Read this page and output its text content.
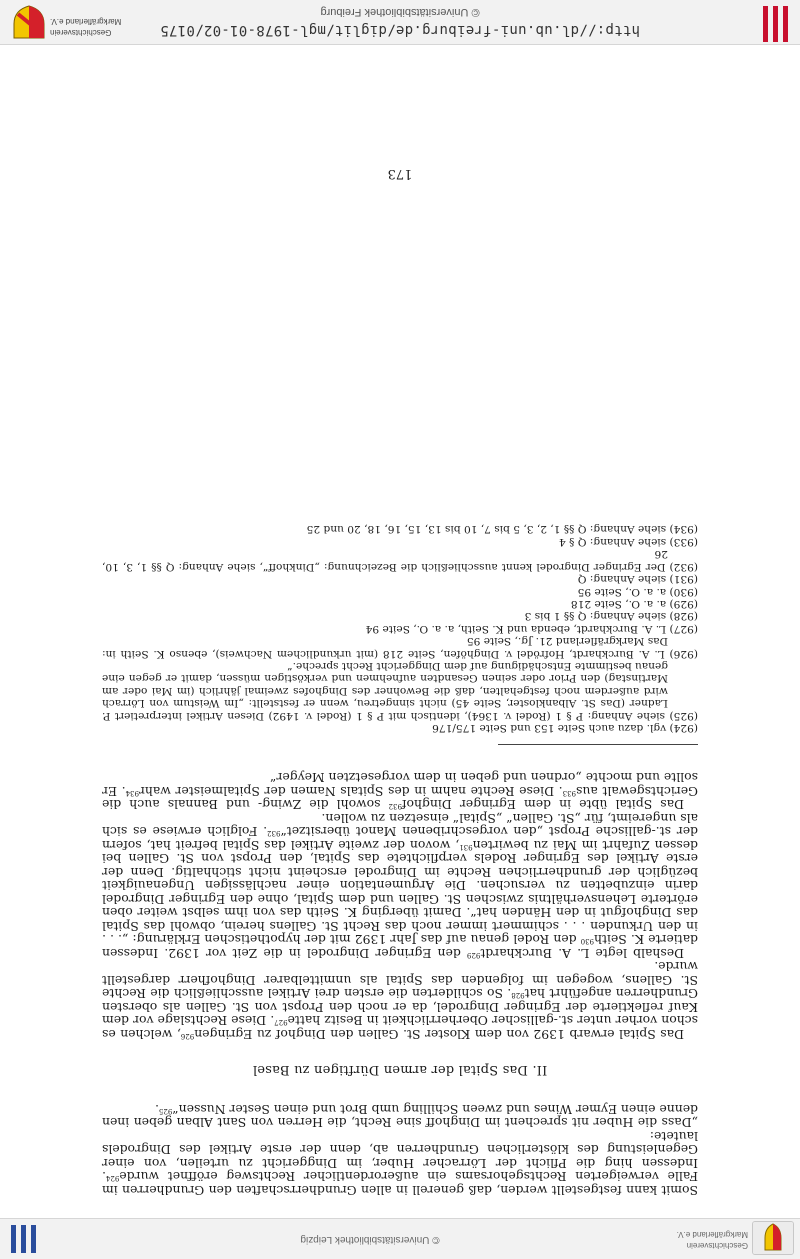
Geschichtsverein
Markgräflerland e.V.
© Universitätsbibliothek Leipzig

Somit kann festgestellt werden, daß generell in allen Grundherrschaften den Grundherren im Falle verweigerten Rechtsgehorsams ein außerordentlicher Rechtsweg eröffnet wurde$^{924}$. Indessen hing die Pflicht der Lörracher Huber, im Dinggericht zu urteilen, von einer Gegenleistung des klösterlichen Grundherren ab, denn der erste Artikel des Dingrodels lautete:

„Dass die Huber nit sprechent im Dinghoff sine Recht, die Herren von Sant Alban geben inen denne einen Eymer Wines und zween Schilling umb Brot und einen Sester Nussen“$^{925}$.

II. Das Spital der armen Dürftigen zu Basel

Das Spital erwarb 1392 von dem Kloster St. Gallen den Dinghof zu Egringen$^{926}$, welchen es schon vorher unter st.-gallischer Oberherrlichkeit in Besitz hatte$^{927}$. Diese Rechtslage vor dem Kauf reflektierte der Egringer Dingrodel, da er noch den Propst von St. Gallen als obersten Grundherren angeführt hat$^{928}$. So schilderten die ersten drei Artikel ausschließlich die Rechte St. Gallens, wogegen im folgenden das Spital als unmittelbarer Dinghofherr dargestellt wurde.

Deshalb legte L. A. Burckhardt$^{929}$ den Egringer Dingrodel in die Zeit vor 1392. Indessen datierte K. Seith$^{930}$ den Rodel genau auf das Jahr 1392 mit der hypothetischen Erklärung: „. . . in den Urkunden . . . schimmert immer noch das Recht St. Gallens herein, obwohl das Spital das Dinghofgut in den Händen hat“. Damit überging K. Seith das von ihm selbst weiter oben erörterte Lehensverhältnis zwischen St. Gallen und dem Spital, ohne den Egringer Dingrodel darin einzubetten zu versuchen. Die Argumentation einer nachlässigen Ungenauigkeit bezüglich der grundherrlichen Rechte im Dingrodel erscheint nicht stichhaltig. Denn der erste Artikel des Egringer Rodels verpflichtete das Spital, den Propst von St. Gallen bei dessen Zufahrt im Mai zu bewirten$^{931}$, wovon der zweite Artikel das Spital befreit hat, sofern der st.-gallische Propst „den vorgeschribenen Manot übersitzet“$^{932}$. Folglich erwiese es sich als ungereimt, für „St. Gallen“ „Spital“ einsetzen zu wollen.

Das Spital übte in dem Egringer Dinghof$^{932}$ sowohl die Zwing- und Bannals auch die Gerichtsgewalt aus$^{933}$. Diese Rechte nahm in des Spitals Namen der Spitalmeister wahr$^{934}$. Er sollte und mochte „ordnen und geben in dem vorgesetzten Meyger“

(924) vgl. dazu auch Seite 153 und Seite 175/176

(925) siehe Anhang: P § 1 (Rodel v. 1364), identisch mit P § 1 (Rodel v. 1492) Diesen Artikel interpretiert P. Ladner (Das St. Albankloster, Seite 45) nicht sinngetreu, wenn er feststellt: „Im Weistum von Lörrach wird außerdem noch festgehalten, daß die Bewohner des Dinghofes zweimal jährlich (im Mai oder am Martinstag) den Prior oder seinen Gesandten aufnehmen und verköstigen müssen, damit er gegen eine genau bestimmte Entschädigung auf dem Dinggericht Recht spreche.“

(926) L. A. Burckhardt, Hofrödel v. Dinghöfen, Seite 218 (mit urkundlichem Nachweis), ebenso K. Seith in: Das Markgräflerland 21. Jg., Seite 95

(927) L. A. Burckhardt, ebenda und K. Seith, a. a. O., Seite 94

(928) siehe Anhang: Q §§ 1 bis 3

(929) a. a. O., Seite 218

(930) a. a. O., Seite 95

(931) siehe Anhang: Q

(932) Der Egringer Dingrodel kennt ausschließlich die Bezeichnung: „Dinkhoff“, siehe Anhang: Q §§ 1, 3, 10, 26

(933) siehe Anhang: Q § 4

(934) siehe Anhang: Q §§ 1, 2, 3, 5 bis 7, 10 bis 13, 15, 16, 18, 20 und 25

173
http://dl.ub.uni-freiburg.de/diglit/mgl-1978-01-02/0175
© Universitätsbibliothek Freiburg
Geschichtsverein
Markgräflerland e.V.
